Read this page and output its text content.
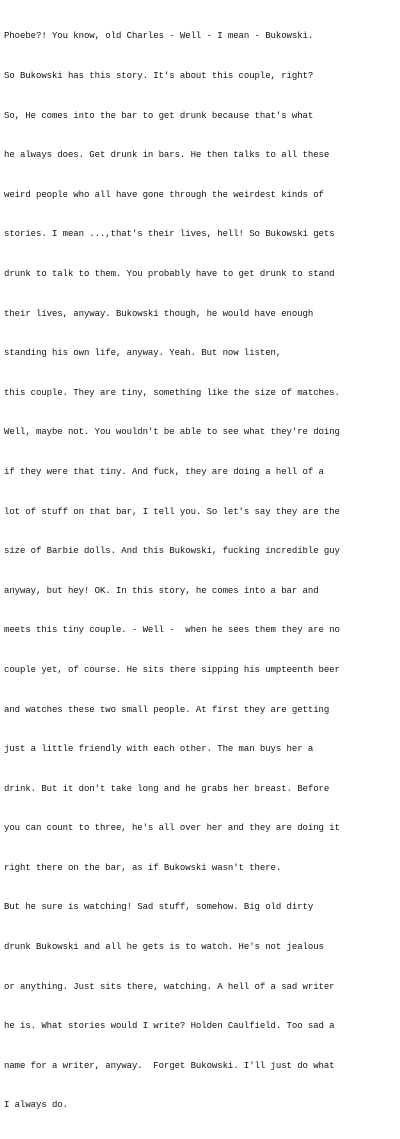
Phoebe?! You know, old Charles - Well - I mean - Bukowski.

So Bukowski has this story. It's about this couple, right?

So, He comes into the bar to get drunk because that's what

he always does. Get drunk in bars. He then talks to all these

weird people who all have gone through the weirdest kinds of

stories. I mean ...,that's their lives, hell! So Bukowski gets

drunk to talk to them. You probably have to get drunk to stand

their lives, anyway. Bukowski though, he would have enough

standing his own life, anyway. Yeah. But now listen,

this couple. They are tiny, something like the size of matches.

Well, maybe not. You wouldn't be able to see what they're doing

if they were that tiny. And fuck, they are doing a hell of a

lot of stuff on that bar, I tell you. So let's say they are the

size of Barbie dolls. And this Bukowski, fucking incredible guy

anyway, but hey! OK. In this story, he comes into a bar and

meets this tiny couple. - Well -  when he sees them they are no

couple yet, of course. He sits there sipping his umpteenth beer

and watches these two small people. At first they are getting

just a little friendly with each other. The man buys her a

drink. But it don't take long and he grabs her breast. Before

you can count to three, he's all over her and they are doing it

right there on the bar, as if Bukowski wasn't there.

But he sure is watching! Sad stuff, somehow. Big old dirty

drunk Bukowski and all he gets is to watch. He's not jealous

or anything. Just sits there, watching. A hell of a sad writer

he is. What stories would I write? Holden Caulfield. Too sad a

name for a writer, anyway.  Forget Bukowski. I'll just do what

I always do.
